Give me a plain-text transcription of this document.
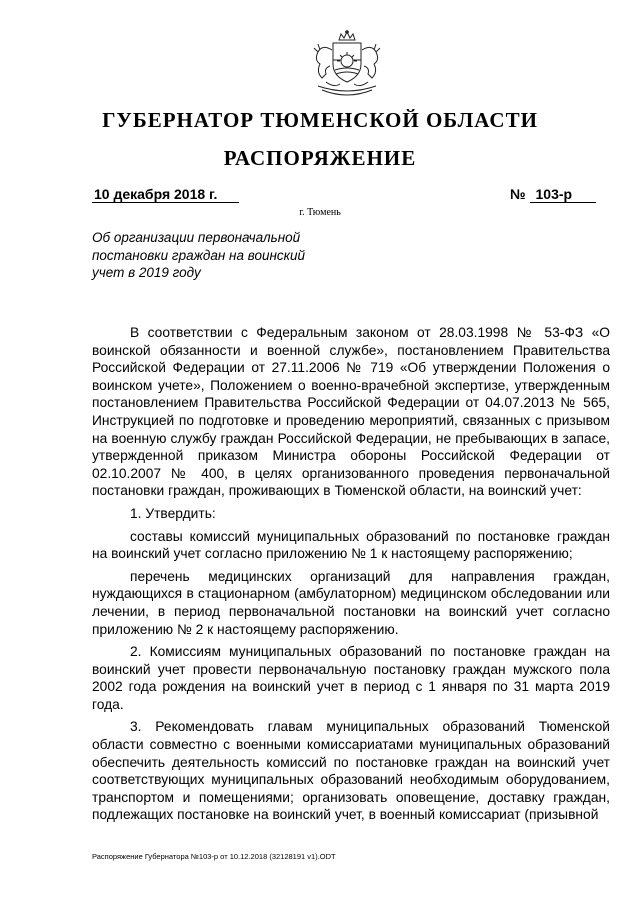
ГУБЕРНАТОР ТЮМЕНСКОЙ ОБЛАСТИ
РАСПОРЯЖЕНИЕ
10 декабря 2018 г.	№ 103-р
г. Тюмень
Об организации первоначальной постановки граждан на воинский учет в 2019 году

В соответствии с Федеральным законом от 28.03.1998 № 53-ФЗ «О воинской обязанности и военной службе», постановлением Правительства Российской Федерации от 27.11.2006 № 719 «Об утверждении Положения о воинском учете», Положением о военно-врачебной экспертизе, утвержденным постановлением Правительства Российской Федерации от 04.07.2013 № 565, Инструкцией по подготовке и проведению мероприятий, связанных с призывом на военную службу граждан Российской Федерации, не пребывающих в запасе, утвержденной приказом Министра обороны Российской Федерации от 02.10.2007 № 400, в целях организованного проведения первоначальной постановки граждан, проживающих в Тюменской области, на воинский учет:

1. Утвердить:

составы комиссий муниципальных образований по постановке граждан на воинский учет согласно приложению № 1 к настоящему распоряжению;

перечень медицинских организаций для направления граждан, нуждающихся в стационарном (амбулаторном) медицинском обследовании или лечении, в период первоначальной постановки на воинский учет согласно приложению № 2 к настоящему распоряжению.

2. Комиссиям муниципальных образований по постановке граждан на воинский учет провести первоначальную постановку граждан мужского пола 2002 года рождения на воинский учет в период с 1 января по 31 марта 2019 года.

3. Рекомендовать главам муниципальных образований Тюменской области совместно с военными комиссариатами муниципальных образований обеспечить деятельность комиссий по постановке граждан на воинский учет соответствующих муниципальных образований необходимым оборудованием, транспортом и помещениями; организовать оповещение, доставку граждан, подлежащих постановке на воинский учет, в военный комиссариат (призывной

Распоряжение Губернатора №103-р от 10.12.2018 (32128191 v1).ODT
